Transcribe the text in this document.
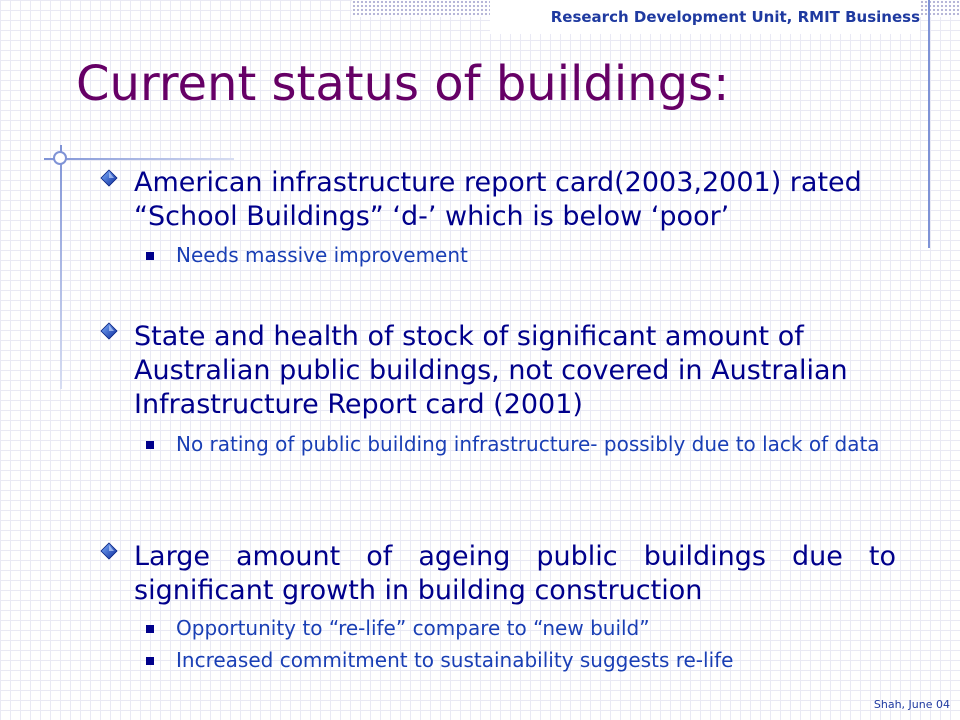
Research Development Unit, RMIT Business
Current status of buildings:
American infrastructure report card(2003,2001) rated “School Buildings” ‘d-’ which is below ‘poor’
Needs massive improvement
State and health of stock of significant amount of Australian public buildings, not covered in Australian Infrastructure Report card (2001)
No rating of public building infrastructure- possibly due to lack of data
Large amount of ageing public buildings due to significant growth in building construction
Opportunity to “re-life” compare to “new build”
Increased commitment to sustainability suggests re-life
Shah, June 04
